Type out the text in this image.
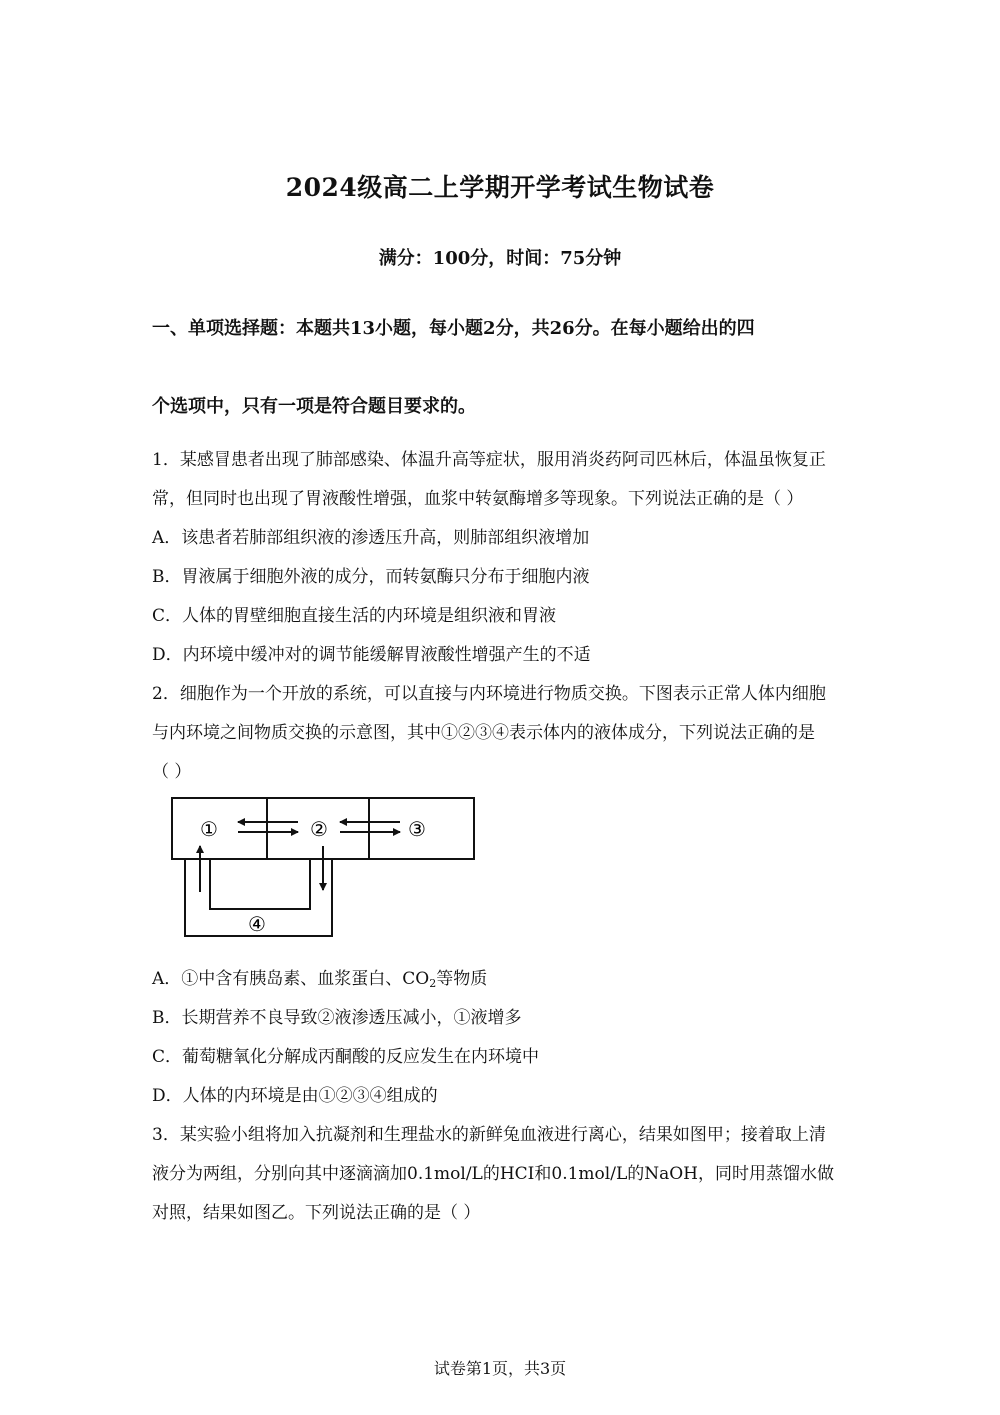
2024级高二上学期开学考试生物试卷
满分：100分，时间：75分钟
一、单项选择题：本题共13小题，每小题2分，共26分。在每小题给出的四
个选项中，只有一项是符合题目要求的。
1．某感冒患者出现了肺部感染、体温升高等症状，服用消炎药阿司匹林后，体温虽恢复正
常，但同时也出现了胃液酸性增强，血浆中转氨酶增多等现象。下列说法正确的是（ ）
A．该患者若肺部组织液的渗透压升高，则肺部组织液增加
B．胃液属于细胞外液的成分，而转氨酶只分布于细胞内液
C．人体的胃壁细胞直接生活的内环境是组织液和胃液
D．内环境中缓冲对的调节能缓解胃液酸性增强产生的不适
2．细胞作为一个开放的系统，可以直接与内环境进行物质交换。下图表示正常人体内细胞
与内环境之间物质交换的示意图，其中①②③④表示体内的液体成分，下列说法正确的是
（ ）
①	②	③
④
A．①中含有胰岛素、血浆蛋白、$CO_2$等物质
B．长期营养不良导致②液渗透压减小，①液增多
C．葡萄糖氧化分解成丙酮酸的反应发生在内环境中
D．人体的内环境是由①②③④组成的
3．某实验小组将加入抗凝剂和生理盐水的新鲜兔血液进行离心，结果如图甲；接着取上清
液分为两组，分别向其中逐滴滴加0.1mol/L的HCI和0.1mol/L的NaOH，同时用蒸馏水做
对照，结果如图乙。下列说法正确的是（ ）
试卷第1页，共3页
